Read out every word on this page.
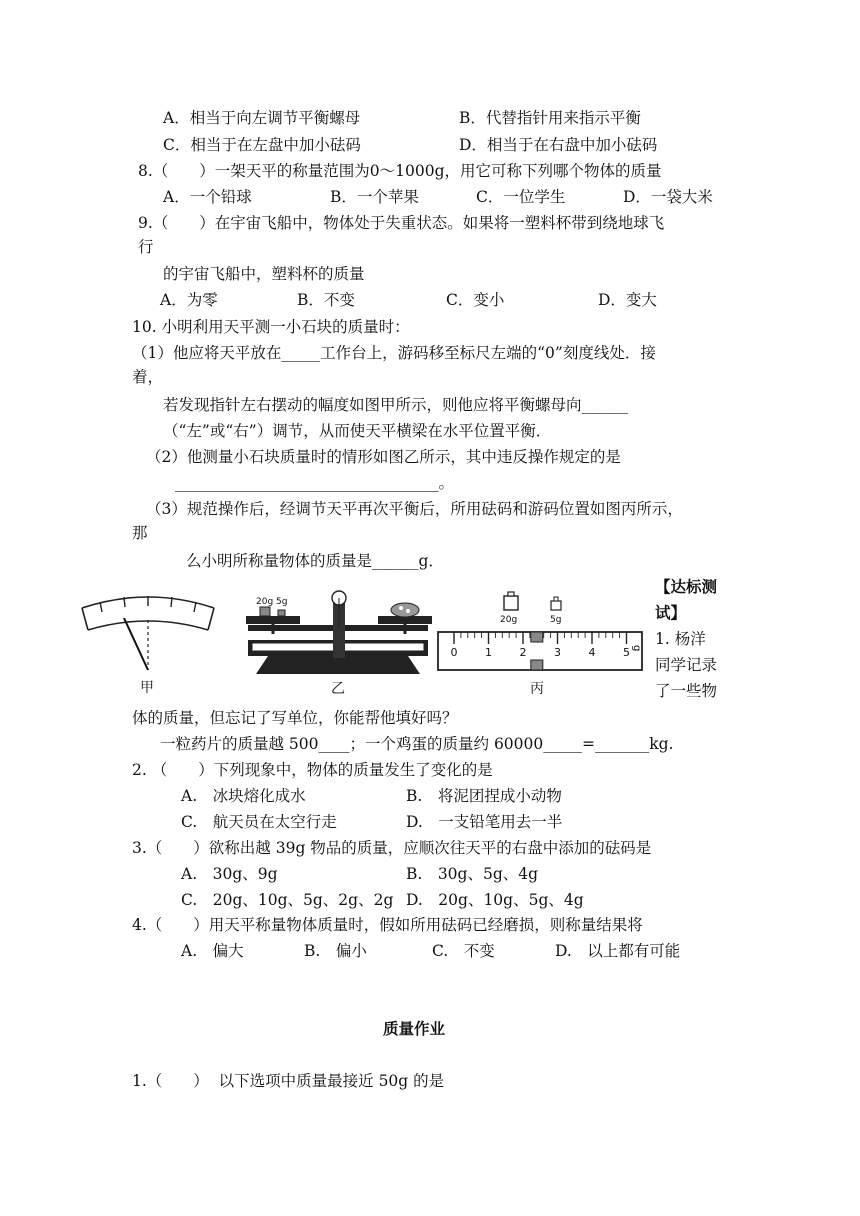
A．相当于向左调节平衡螺母	B．代替指针用来指示平衡
C．相当于在左盘中加小砝码	D．相当于在右盘中加小砝码
8.（　　）一架天平的称量范围为0～1000g，用它可称下列哪个物体的质量
A．一个铅球	B．一个苹果	C．一位学生	D．一袋大米
9.（　　）在宇宙飞船中，物体处于失重状态。如果将一塑料杯带到绕地球飞
行
的宇宙飞船中，塑料杯的质量
A．为零	B．不变	C．变小	D．变大
10. 小明利用天平测一小石块的质量时：
（1）他应将天平放在_____工作台上，游码移至标尺左端的“0”刻度线处．接
着，
若发现指针左右摆动的幅度如图甲所示，则他应将平衡螺母向______
（“左”或“右”）调节，从而使天平横梁在水平位置平衡．
（2）他测量小石块质量时的情形如图乙所示，其中违反操作规定的是
__________________________________。
（3）规范操作后，经调节天平再次平衡后，所用砝码和游码位置如图丙所示，
那
么小明所称量物体的质量是______g．
【达标测
试】
1. 杨洋
同学记录
了一些物
甲
20g 5g
乙
20g	5g
0	1	2	3	4	5 g
丙
体的质量，但忘记了写单位，你能帮他填好吗？
一粒药片的质量越 500____；一个鸡蛋的质量约 60000_____=_______kg.
2. （　　）下列现象中，物体的质量发生了变化的是
A.　冰块熔化成水	B.　将泥团捏成小动物
C.　航天员在太空行走	D.　一支铅笔用去一半
3.（　　）欲称出越 39g 物品的质量，应顺次往天平的右盘中添加的砝码是
A.　30g、9g	B.　30g、5g、4g
C.　20g、10g、5g、2g、2g D.　20g、10g、5g、4g
4.（　　）用天平称量物体质量时，假如所用砝码已经磨损，则称量结果将
A.　偏大	B.　偏小	C.　不变	D.　以上都有可能
质量作业
1.（　　）  以下选项中质量最接近 50g 的是
